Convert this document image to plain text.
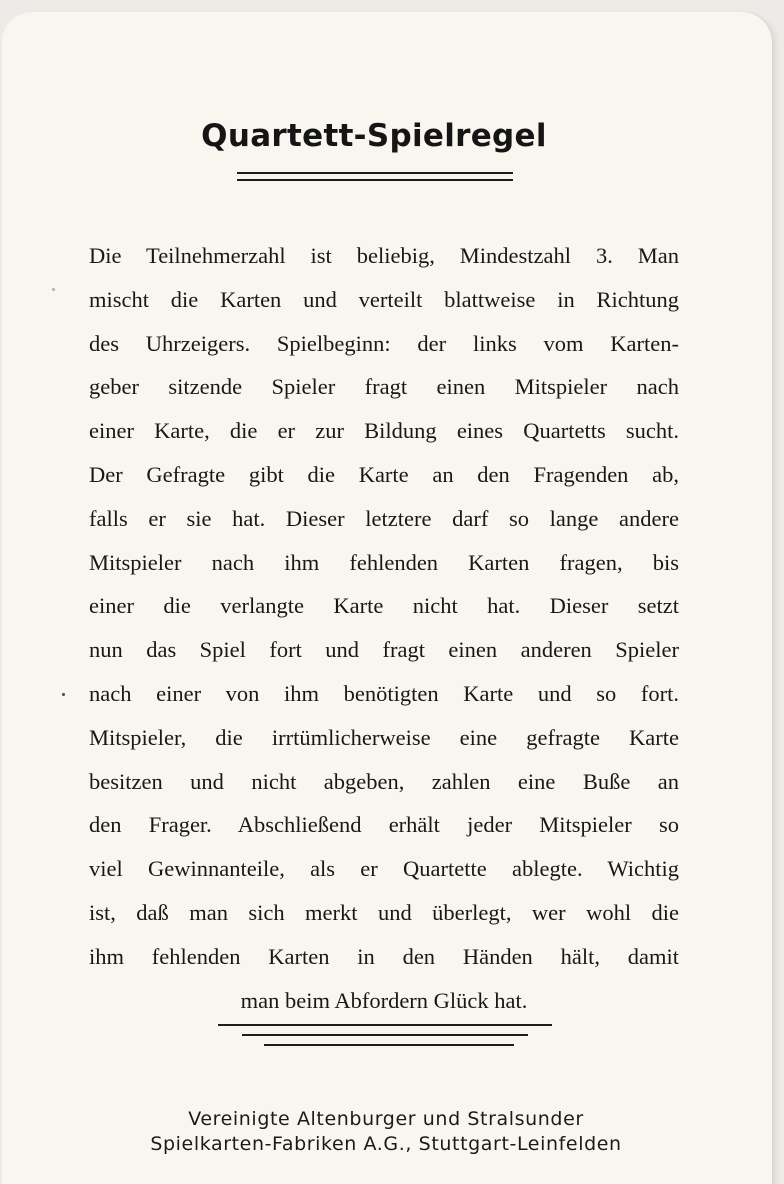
Quartett-Spielregel
Die Teilnehmerzahl ist beliebig, Mindestzahl 3. Man
mischt die Karten und verteilt blattweise in Richtung
des Uhrzeigers. Spielbeginn: der links vom Karten-
geber sitzende Spieler fragt einen Mitspieler nach
einer Karte, die er zur Bildung eines Quartetts sucht.
Der Gefragte gibt die Karte an den Fragenden ab,
falls er sie hat. Dieser letztere darf so lange andere
Mitspieler nach ihm fehlenden Karten fragen, bis
einer die verlangte Karte nicht hat. Dieser setzt
nun das Spiel fort und fragt einen anderen Spieler
nach einer von ihm benötigten Karte und so fort.
Mitspieler, die irrtümlicherweise eine gefragte Karte
besitzen und nicht abgeben, zahlen eine Buße an
den Frager. Abschließend erhält jeder Mitspieler so
viel Gewinnanteile, als er Quartette ablegte. Wichtig
ist, daß man sich merkt und überlegt, wer wohl die
ihm fehlenden Karten in den Händen hält, damit
man beim Abfordern Glück hat.
Vereinigte Altenburger und Stralsunder
Spielkarten-Fabriken A.G., Stuttgart-Leinfelden
